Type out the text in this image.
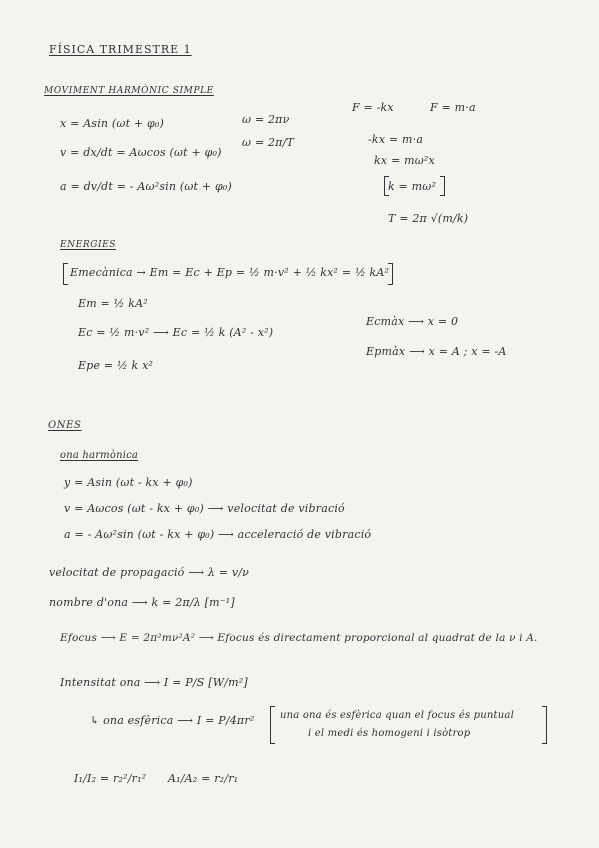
FÍSICA TRIMESTRE 1
MOVIMENT HARMÒNIC SIMPLE
x = Asin (ωt + φ₀)
v = dx/dt = Aωcos (ωt + φ₀)
a = dv/dt = - Aω²sin (ωt + φ₀)
ω = 2πν
ω = 2π/T
F = -kx	F = m·a
-kx = m·a
kx = mω²x
k = mω²
T = 2π √(m/k)
ENERGIES
Emecànica → Em = Ec + Ep = ½ m·v² + ½ kx² = ½ kA²
Em = ½ kA²
Ec = ½ m·v² ⟶ Ec = ½ k (A² - x²)
Ecmàx ⟶ x = 0
Epe = ½ k x²
Epmàx ⟶ x = A ; x = -A
ONES
ona harmònica
y = Asin (ωt - kx + φ₀)
v = Aωcos (ωt - kx + φ₀) ⟶ velocitat de vibració
a = - Aω²sin (ωt - kx + φ₀) ⟶ acceleració de vibració
velocitat de propagació ⟶ λ = v/ν
nombre d'ona ⟶ k = 2π/λ [m⁻¹]
Efocus ⟶ E = 2π²mν²A² ⟶ Efocus és directament proporcional al quadrat de la ν i A.
Intensitat ona ⟶ I = P/S [W/m²]
↳ ona esfèrica ⟶ I = P/4πr²	una ona és esfèrica quan el focus és puntual
i el medi és homogeni i isòtrop
I₁/I₂ = r₂²/r₁² A₁/A₂ = r₂/r₁
